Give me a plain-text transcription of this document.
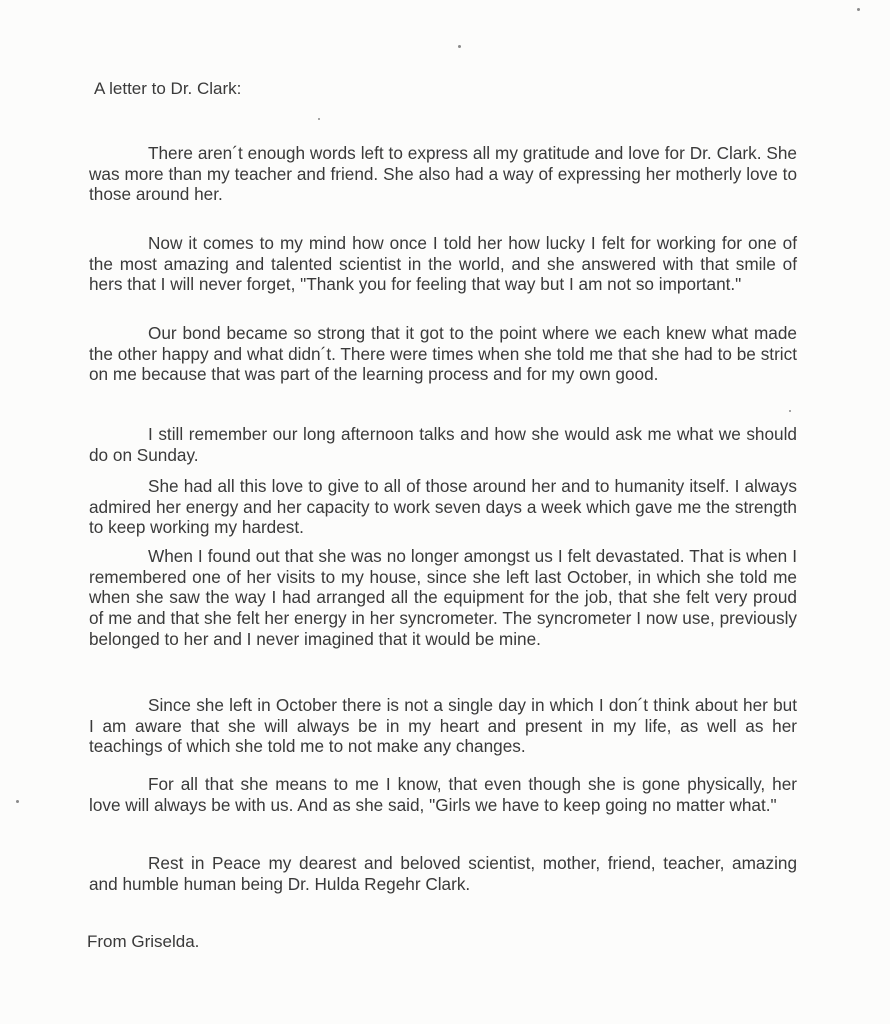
A letter to Dr. Clark:

There aren´t enough words left to express all my gratitude and love for Dr. Clark. She was more than my teacher and friend. She also had a way of expressing her motherly love to those around her.

Now it comes to my mind how once I told her how lucky I felt for working for one of the most amazing and talented scientist in the world, and she answered with that smile of hers that I will never forget, "Thank you for feeling that way but I am not so important."

Our bond became so strong that it got to the point where we each knew what made the other happy and what didn´t. There were times when she told me that she had to be strict on me because that was part of the learning process and for my own good.

I still remember our long afternoon talks and how she would ask me what we should do on Sunday.

She had all this love to give to all of those around her and to humanity itself. I always admired her energy and her capacity to work seven days a week which gave me the strength to keep working my hardest.

When I found out that she was no longer amongst us I felt devastated. That is when I remembered one of her visits to my house, since she left last October, in which she told me when she saw the way I had arranged all the equipment for the job, that she felt very proud of me and that she felt her energy in her syncrometer. The syncrometer I now use, previously belonged to her and I never imagined that it would be mine.

Since she left in October there is not a single day in which I don´t think about her but I am aware that she will always be in my heart and present in my life, as well as her teachings of which she told me to not make any changes.

For all that she means to me I know, that even though she is gone physically, her love will always be with us. And as she said, "Girls we have to keep going no matter what."

Rest in Peace my dearest and beloved scientist, mother, friend, teacher, amazing and humble human being Dr. Hulda Regehr Clark.

From Griselda.
